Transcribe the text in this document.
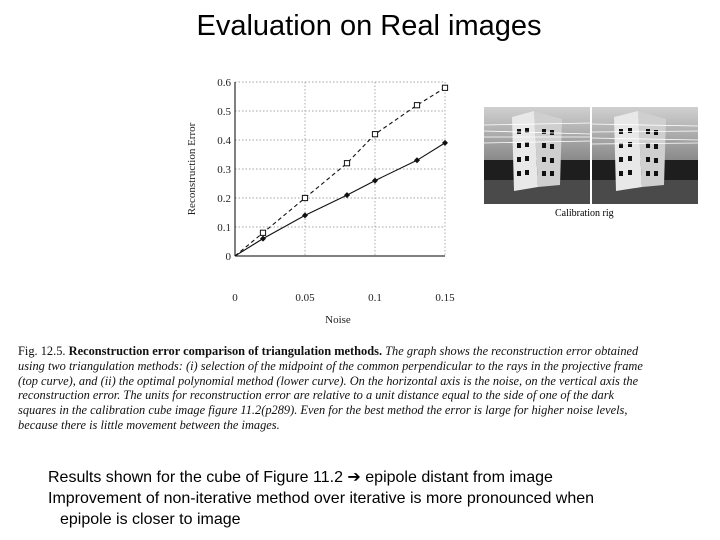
Evaluation on Real images
0
0.1
0.2
0.3
0.4
0.5
0.6
0	0.05	0.1	0.15
Noise
Reconstruction Error	Calibration rig
Fig. 12.5. Reconstruction error comparison of triangulation methods. The graph shows the reconstruction error obtained using two triangulation methods: (i) selection of the midpoint of the common perpendicular to the rays in the projective frame (top curve), and (ii) the optimal polynomial method (lower curve). On the horizontal axis is the noise, on the vertical axis the reconstruction error. The units for reconstruction error are relative to a unit distance equal to the side of one of the dark squares in the calibration cube image figure 11.2(p289). Even for the best method the error is large for higher noise levels, because there is little movement between the images.
Results shown for the cube of Figure 11.2 ➔ epipole distant from image
Improvement of non-iterative method over iterative is more pronounced when
epipole is closer to image
